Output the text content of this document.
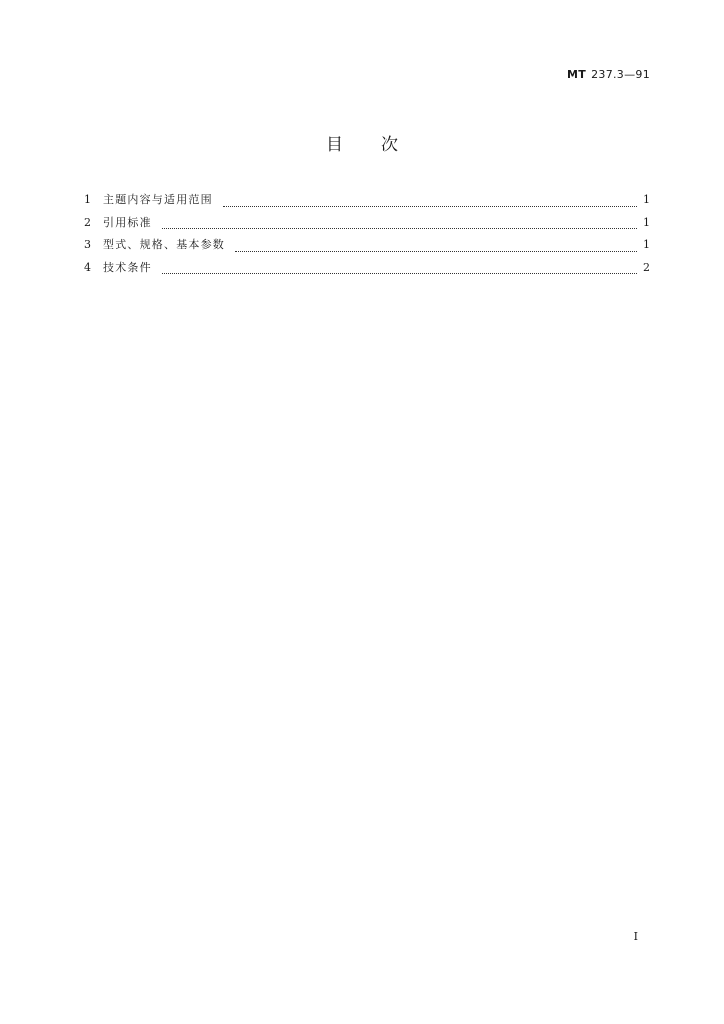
MT 237.3—91
目 次
1	主题内容与适用范围	1
2	引用标准	1
3	型式、规格、基本参数	1
4	技术条件	2
I
